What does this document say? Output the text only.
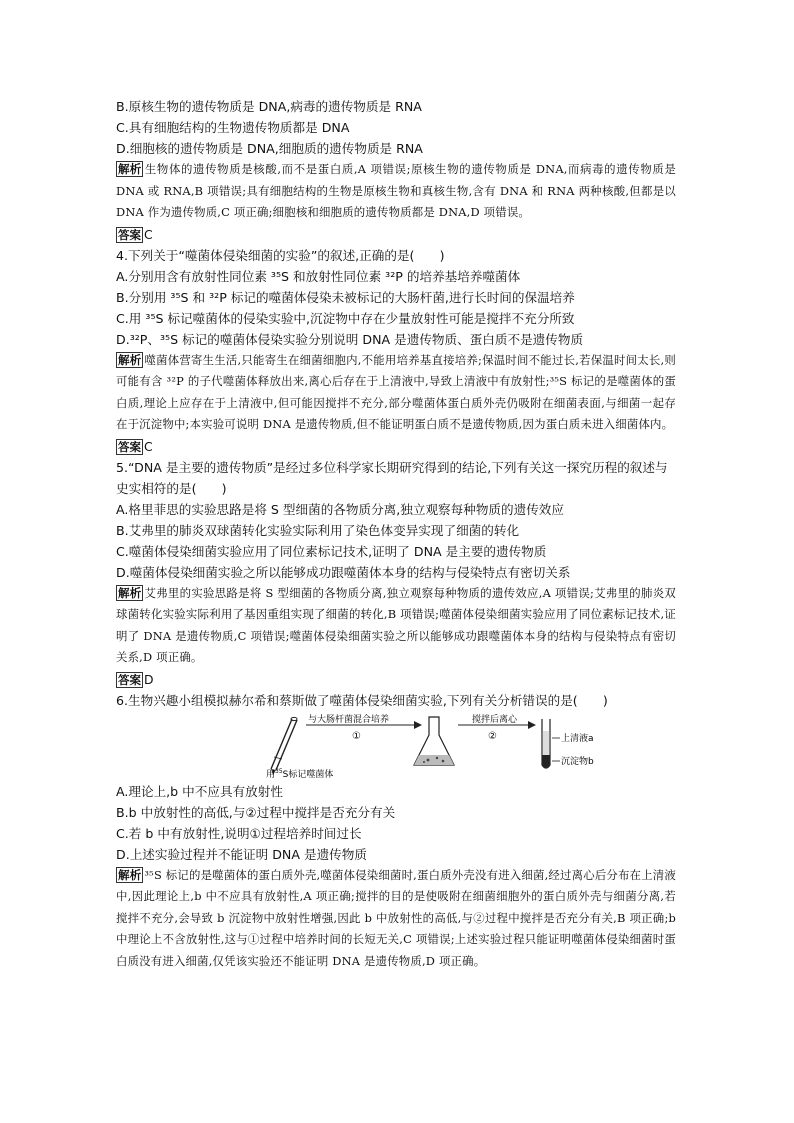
B.原核生物的遗传物质是 DNA,病毒的遗传物质是 RNA
C.具有细胞结构的生物遗传物质都是 DNA
D.细胞核的遗传物质是 DNA,细胞质的遗传物质是 RNA
解析 生物体的遗传物质是核酸,而不是蛋白质,A 项错误;原核生物的遗传物质是 DNA,而病毒的遗传物质是 DNA 或 RNA,B 项错误;具有细胞结构的生物是原核生物和真核生物,含有 DNA 和 RNA 两种核酸,但都是以 DNA 作为遗传物质,C 项正确;细胞核和细胞质的遗传物质都是 DNA,D 项错误。
答案 C
4.下列关于“噬菌体侵染细菌的实验”的叙述,正确的是(　　)
A.分别用含有放射性同位素 ³⁵S 和放射性同位素 ³²P 的培养基培养噬菌体
B.分别用 ³⁵S 和 ³²P 标记的噬菌体侵染未被标记的大肠杆菌,进行长时间的保温培养
C.用 ³⁵S 标记噬菌体的侵染实验中,沉淀物中存在少量放射性可能是搅拌不充分所致
D.³²P、³⁵S 标记的噬菌体侵染实验分别说明 DNA 是遗传物质、蛋白质不是遗传物质
解析 噬菌体营寄生生活,只能寄生在细菌细胞内,不能用培养基直接培养;保温时间不能过长,若保温时间太长,则可能有含 ³²P 的子代噬菌体释放出来,离心后存在于上清液中,导致上清液中有放射性;³⁵S 标记的是噬菌体的蛋白质,理论上应存在于上清液中,但可能因搅拌不充分,部分噬菌体蛋白质外壳仍吸附在细菌表面,与细菌一起存在于沉淀物中;本实验可说明 DNA 是遗传物质,但不能证明蛋白质不是遗传物质,因为蛋白质未进入细菌体内。
答案 C
5.“DNA 是主要的遗传物质”是经过多位科学家长期研究得到的结论,下列有关这一探究历程的叙述与史实相符的是(　　)
A.格里菲思的实验思路是将 S 型细菌的各物质分离,独立观察每种物质的遗传效应
B.艾弗里的肺炎双球菌转化实验实际利用了染色体变异实现了细菌的转化
C.噬菌体侵染细菌实验应用了同位素标记技术,证明了 DNA 是主要的遗传物质
D.噬菌体侵染细菌实验之所以能够成功跟噬菌体本身的结构与侵染特点有密切关系
解析 艾弗里的实验思路是将 S 型细菌的各物质分离,独立观察每种物质的遗传效应,A 项错误;艾弗里的肺炎双球菌转化实验实际利用了基因重组实现了细菌的转化,B 项错误;噬菌体侵染细菌实验应用了同位素标记技术,证明了 DNA 是遗传物质,C 项错误;噬菌体侵染细菌实验之所以能够成功跟噬菌体本身的结构与侵染特点有密切关系,D 项正确。
答案 D
6.生物兴趣小组模拟赫尔希和蔡斯做了噬菌体侵染细菌实验,下列有关分析错误的是(　　)
与大肠杆菌混合培养
①
搅拌后离心
②	上清液a
沉淀物b
用$^{35}$S标记噬菌体
A.理论上,b 中不应具有放射性
B.b 中放射性的高低,与②过程中搅拌是否充分有关
C.若 b 中有放射性,说明①过程培养时间过长
D.上述实验过程并不能证明 DNA 是遗传物质
解析 ³⁵S 标记的是噬菌体的蛋白质外壳,噬菌体侵染细菌时,蛋白质外壳没有进入细菌,经过离心后分布在上清液中,因此理论上,b 中不应具有放射性,A 项正确;搅拌的目的是使吸附在细菌细胞外的蛋白质外壳与细菌分离,若搅拌不充分,会导致 b 沉淀物中放射性增强,因此 b 中放射性的高低,与②过程中搅拌是否充分有关,B 项正确;b 中理论上不含放射性,这与①过程中培养时间的长短无关,C 项错误;上述实验过程只能证明噬菌体侵染细菌时蛋白质没有进入细菌,仅凭该实验还不能证明 DNA 是遗传物质,D 项正确。
